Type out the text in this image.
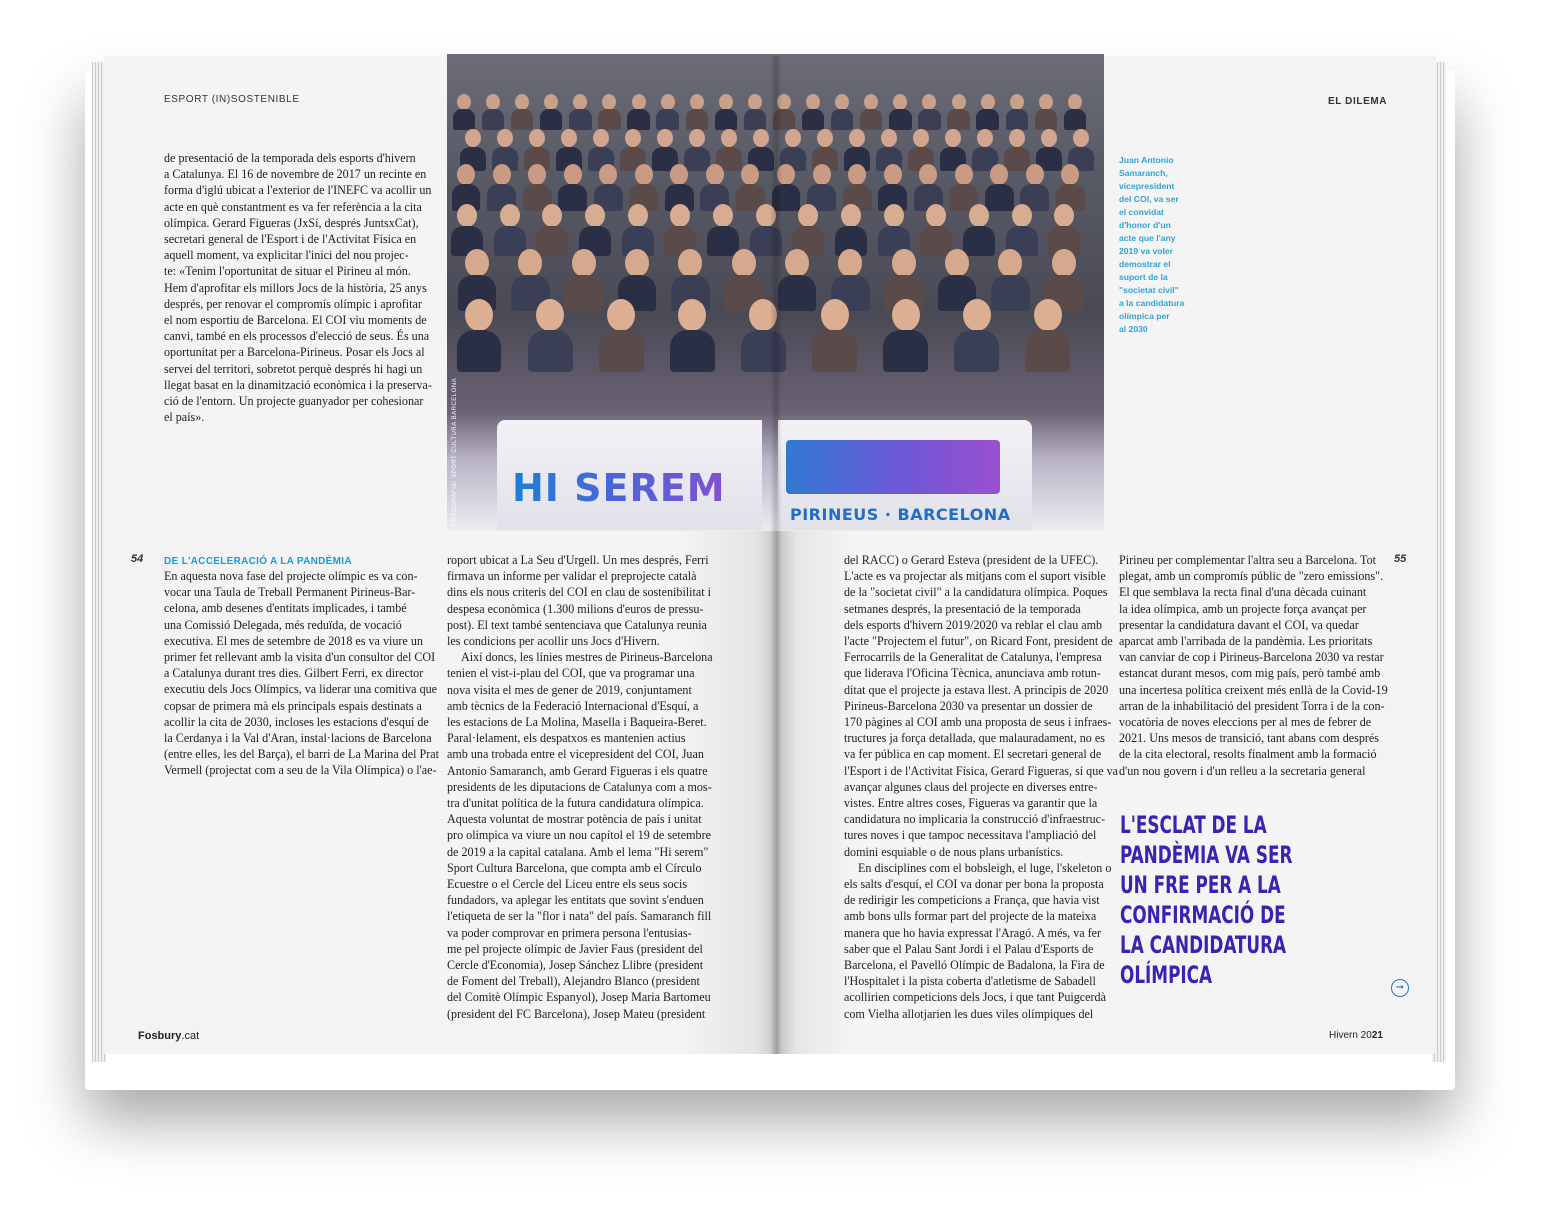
ESPORT (IN)SOSTENIBLE	EL DILEMA
HI SEREM
PIRINEUS · BARCELONA
FOTOGRAFIA: SPORT CULTURA BARCELONA
Juan Antonio
Samaranch,
vicepresident
del COI, va ser
el convidat
d'honor d'un
acte que l'any
2019 va voler
demostrar el
suport de la
"societat civil"
a la candidatura
olímpica per
al 2030
de presentació de la temporada dels esports d'hivern
a Catalunya. El 16 de novembre de 2017 un recinte en
forma d'iglú ubicat a l'exterior de l'INEFC va acollir un
acte en què constantment es va fer referència a la cita
olímpica. Gerard Figueras (JxSí, després JuntsxCat),
secretari general de l'Esport i de l'Activitat Física en
aquell moment, va explicitar l'inici del nou projec-
te: «Tenim l'oportunitat de situar el Pirineu al món.
Hem d'aprofitar els millors Jocs de la història, 25 anys
després, per renovar el compromís olímpic i aprofitar
el nom esportiu de Barcelona. El COI viu moments de
canvi, també en els processos d'elecció de seus. És una
oportunitat per a Barcelona-Pirineus. Posar els Jocs al
servei del territori, sobretot perquè després hi hagi un
llegat basat en la dinamització econòmica i la preserva-
ció de l'entorn. Un projecte guanyador per cohesionar
el país».
54	55
DE L'ACCELERACIÓ A LA PANDÈMIA
En aquesta nova fase del projecte olímpic es va con-
vocar una Taula de Treball Permanent Pirineus-Bar-
celona, amb desenes d'entitats implicades, i també
una Comissió Delegada, més reduïda, de vocació
executiva. El mes de setembre de 2018 es va viure un
primer fet rellevant amb la visita d'un consultor del COI
a Catalunya durant tres dies. Gilbert Ferri, ex director
executiu dels Jocs Olímpics, va liderar una comitiva que
copsar de primera mà els principals espais destinats a
acollir la cita de 2030, incloses les estacions d'esquí de
la Cerdanya i la Val d'Aran, instal·lacions de Barcelona
(entre elles, les del Barça), el barri de La Marina del Prat
Vermell (projectat com a seu de la Vila Olímpica) o l'ae-
roport ubicat a La Seu d'Urgell. Un mes després, Ferri
firmava un informe per validar el preprojecte català
dins els nous criteris del COI en clau de sostenibilitat i
despesa econòmica (1.300 milions d'euros de pressu-
post). El text també sentenciava que Catalunya reunia
les condicions per acollir uns Jocs d'Hivern.
Així doncs, les línies mestres de Pirineus-Barcelona
tenien el vist-i-plau del COI, que va programar una
nova visita el mes de gener de 2019, conjuntament
amb tècnics de la Federació Internacional d'Esquí, a
les estacions de La Molina, Masella i Baqueira-Beret.
Paral·lelament, els despatxos es mantenien actius
amb una trobada entre el vicepresident del COI, Juan
Antonio Samaranch, amb Gerard Figueras i els quatre
presidents de les diputacions de Catalunya com a mos-
tra d'unitat política de la futura candidatura olímpica.
Aquesta voluntat de mostrar potència de país i unitat
pro olímpica va viure un nou capítol el 19 de setembre
de 2019 a la capital catalana. Amb el lema "Hi serem"
Sport Cultura Barcelona, que compta amb el Círculo
Ecuestre o el Cercle del Liceu entre els seus socis
fundadors, va aplegar les entitats que sovint s'enduen
l'etiqueta de ser la "flor i nata" del país. Samaranch fill
va poder comprovar en primera persona l'entusias-
me pel projecte olímpic de Javier Faus (president del
Cercle d'Economia), Josep Sánchez Llibre (president
de Foment del Treball), Alejandro Blanco (president
del Comitè Olímpic Espanyol), Josep Maria Bartomeu
(president del FC Barcelona), Josep Mateu (president
del RACC) o Gerard Esteva (president de la UFEC).
L'acte es va projectar als mitjans com el suport visible
de la "societat civil" a la candidatura olímpica. Poques
setmanes després, la presentació de la temporada
dels esports d'hivern 2019/2020 va reblar el clau amb
l'acte "Projectem el futur", on Ricard Font, president de
Ferrocarrils de la Generalitat de Catalunya, l'empresa
que liderava l'Oficina Tècnica, anunciava amb rotun-
ditat que el projecte ja estava llest. A principis de 2020
Pirineus-Barcelona 2030 va presentar un dossier de
170 pàgines al COI amb una proposta de seus i infraes-
tructures ja força detallada, que malauradament, no es
va fer pública en cap moment. El secretari general de
l'Esport i de l'Activitat Física, Gerard Figueras, sí que va
avançar algunes claus del projecte en diverses entre-
vistes. Entre altres coses, Figueras va garantir que la
candidatura no implicaria la construcció d'infraestruc-
tures noves i que tampoc necessitava l'ampliació del
domini esquiable o de nous plans urbanístics.
En disciplines com el bobsleigh, el luge, l'skeleton o
els salts d'esquí, el COI va donar per bona la proposta
de redirigir les competicions a França, que havia vist
amb bons ulls formar part del projecte de la mateixa
manera que ho havia expressat l'Aragó. A més, va fer
saber que el Palau Sant Jordi i el Palau d'Esports de
Barcelona, el Pavelló Olímpic de Badalona, la Fira de
l'Hospitalet i la pista coberta d'atletisme de Sabadell
acollirien competicions dels Jocs, i que tant Puigcerdà
com Vielha allotjarien les dues viles olímpiques del
Pirineu per complementar l'altra seu a Barcelona. Tot
plegat, amb un compromís públic de "zero emissions".
El que semblava la recta final d'una dècada cuinant
la idea olímpica, amb un projecte força avançat per
presentar la candidatura davant el COI, va quedar
aparcat amb l'arribada de la pandèmia. Les prioritats
van canviar de cop i Pirineus-Barcelona 2030 va restar
estancat durant mesos, com mig país, però també amb
una incertesa política creixent més enllà de la Covid-19
arran de la inhabilitació del president Torra i de la con-
vocatòria de noves eleccions per al mes de febrer de
2021. Uns mesos de transició, tant abans com després
de la cita electoral, resolts finalment amb la formació
d'un nou govern i d'un relleu a la secretaria general
L'ESCLAT DE LA
PANDÈMIA VA SER
UN FRE PER A LA
CONFIRMACIÓ DE
LA CANDIDATURA
OLÍMPICA	➞
Fosbury.cat	Hivern 2021
